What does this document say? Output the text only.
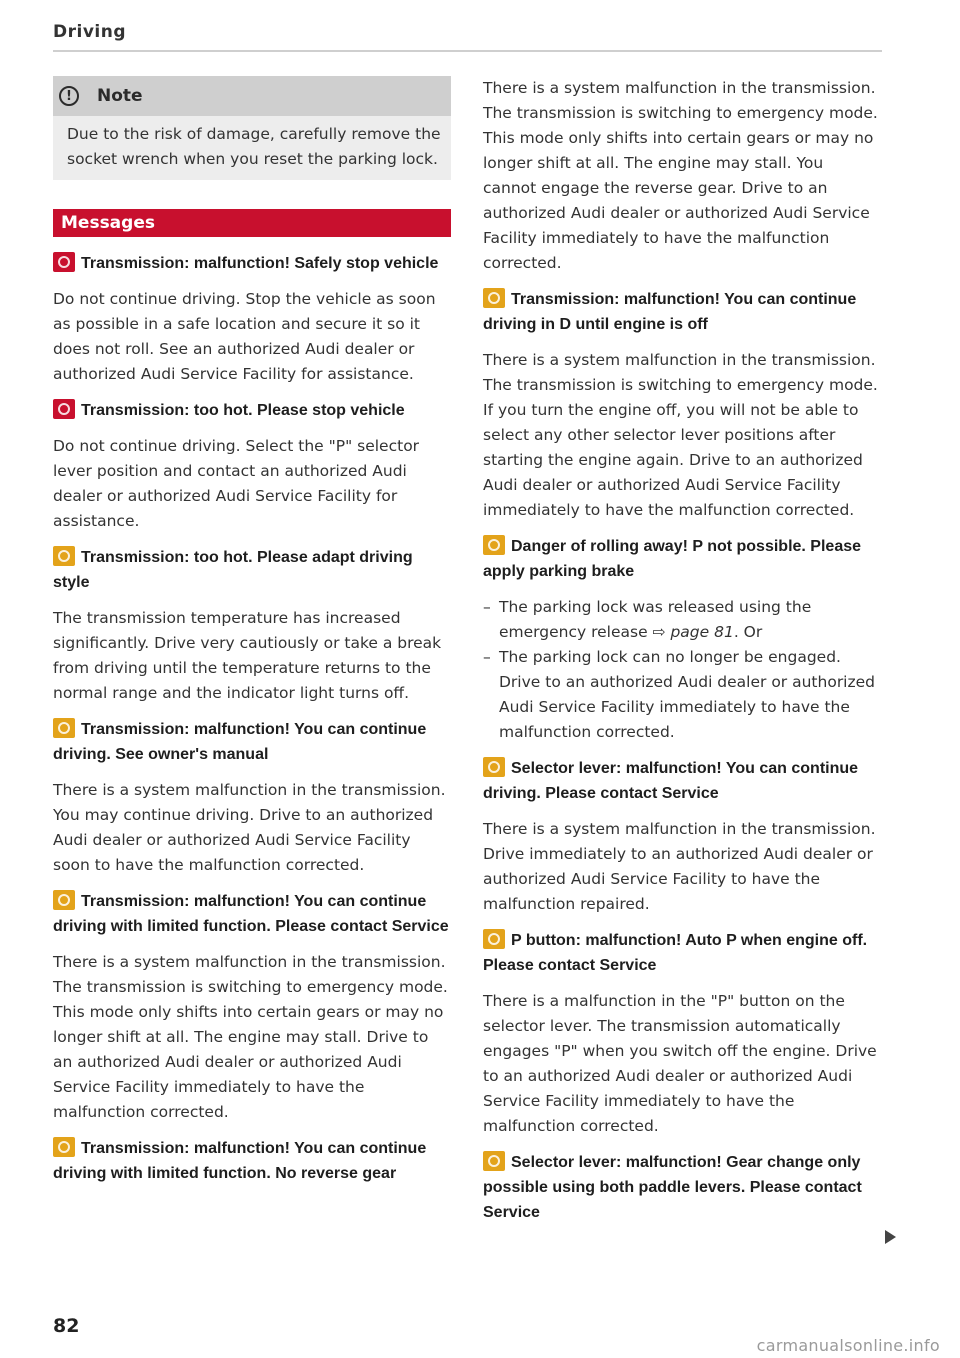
Driving
!	Note
Due to the risk of damage, carefully remove the socket wrench when you reset the parking lock.
Messages

Transmission: malfunction! Safely stop vehicle

Do not continue driving. Stop the vehicle as soon as possible in a safe location and secure it so it does not roll. See an authorized Audi dealer or authorized Audi Service Facility for assistance.

Transmission: too hot. Please stop vehicle

Do not continue driving. Select the "P" selector lever position and contact an authorized Audi dealer or authorized Audi Service Facility for assistance.

Transmission: too hot. Please adapt driving style

The transmission temperature has increased significantly. Drive very cautiously or take a break from driving until the temperature returns to the normal range and the indicator light turns off.

Transmission: malfunction! You can continue driving. See owner's manual

There is a system malfunction in the transmission. You may continue driving. Drive to an authorized Audi dealer or authorized Audi Service Facility soon to have the malfunction corrected.

Transmission: malfunction! You can continue driving with limited function. Please contact Service

There is a system malfunction in the transmission. The transmission is switching to emergency mode. This mode only shifts into certain gears or may no longer shift at all. The engine may stall. Drive to an authorized Audi dealer or authorized Audi Service Facility immediately to have the malfunction corrected.

Transmission: malfunction! You can continue driving with limited function. No reverse gear

There is a system malfunction in the transmission. The transmission is switching to emergency mode. This mode only shifts into certain gears or may no longer shift at all. The engine may stall. You cannot engage the reverse gear. Drive to an authorized Audi dealer or authorized Audi Service Facility immediately to have the malfunction corrected.

Transmission: malfunction! You can continue driving in D until engine is off

There is a system malfunction in the transmission. The transmission is switching to emergency mode. If you turn the engine off, you will not be able to select any other selector lever positions after starting the engine again. Drive to an authorized Audi dealer or authorized Audi Service Facility immediately to have the malfunction corrected.

Danger of rolling away! P not possible. Please apply parking brake

– The parking lock was released using the emergency release ⇨ page 81. Or
– The parking lock can no longer be engaged. Drive to an authorized Audi dealer or authorized Audi Service Facility immediately to have the malfunction corrected.

Selector lever: malfunction! You can continue driving. Please contact Service

There is a system malfunction in the transmission. Drive immediately to an authorized Audi dealer or authorized Audi Service Facility to have the malfunction repaired.

P button: malfunction! Auto P when engine off. Please contact Service

There is a malfunction in the "P" button on the selector lever. The transmission automatically engages "P" when you switch off the engine. Drive to an authorized Audi dealer or authorized Audi Service Facility immediately to have the malfunction corrected.

Selector lever: malfunction! Gear change only possible using both paddle levers. Please contact Service

82
carmanualsonline.info
